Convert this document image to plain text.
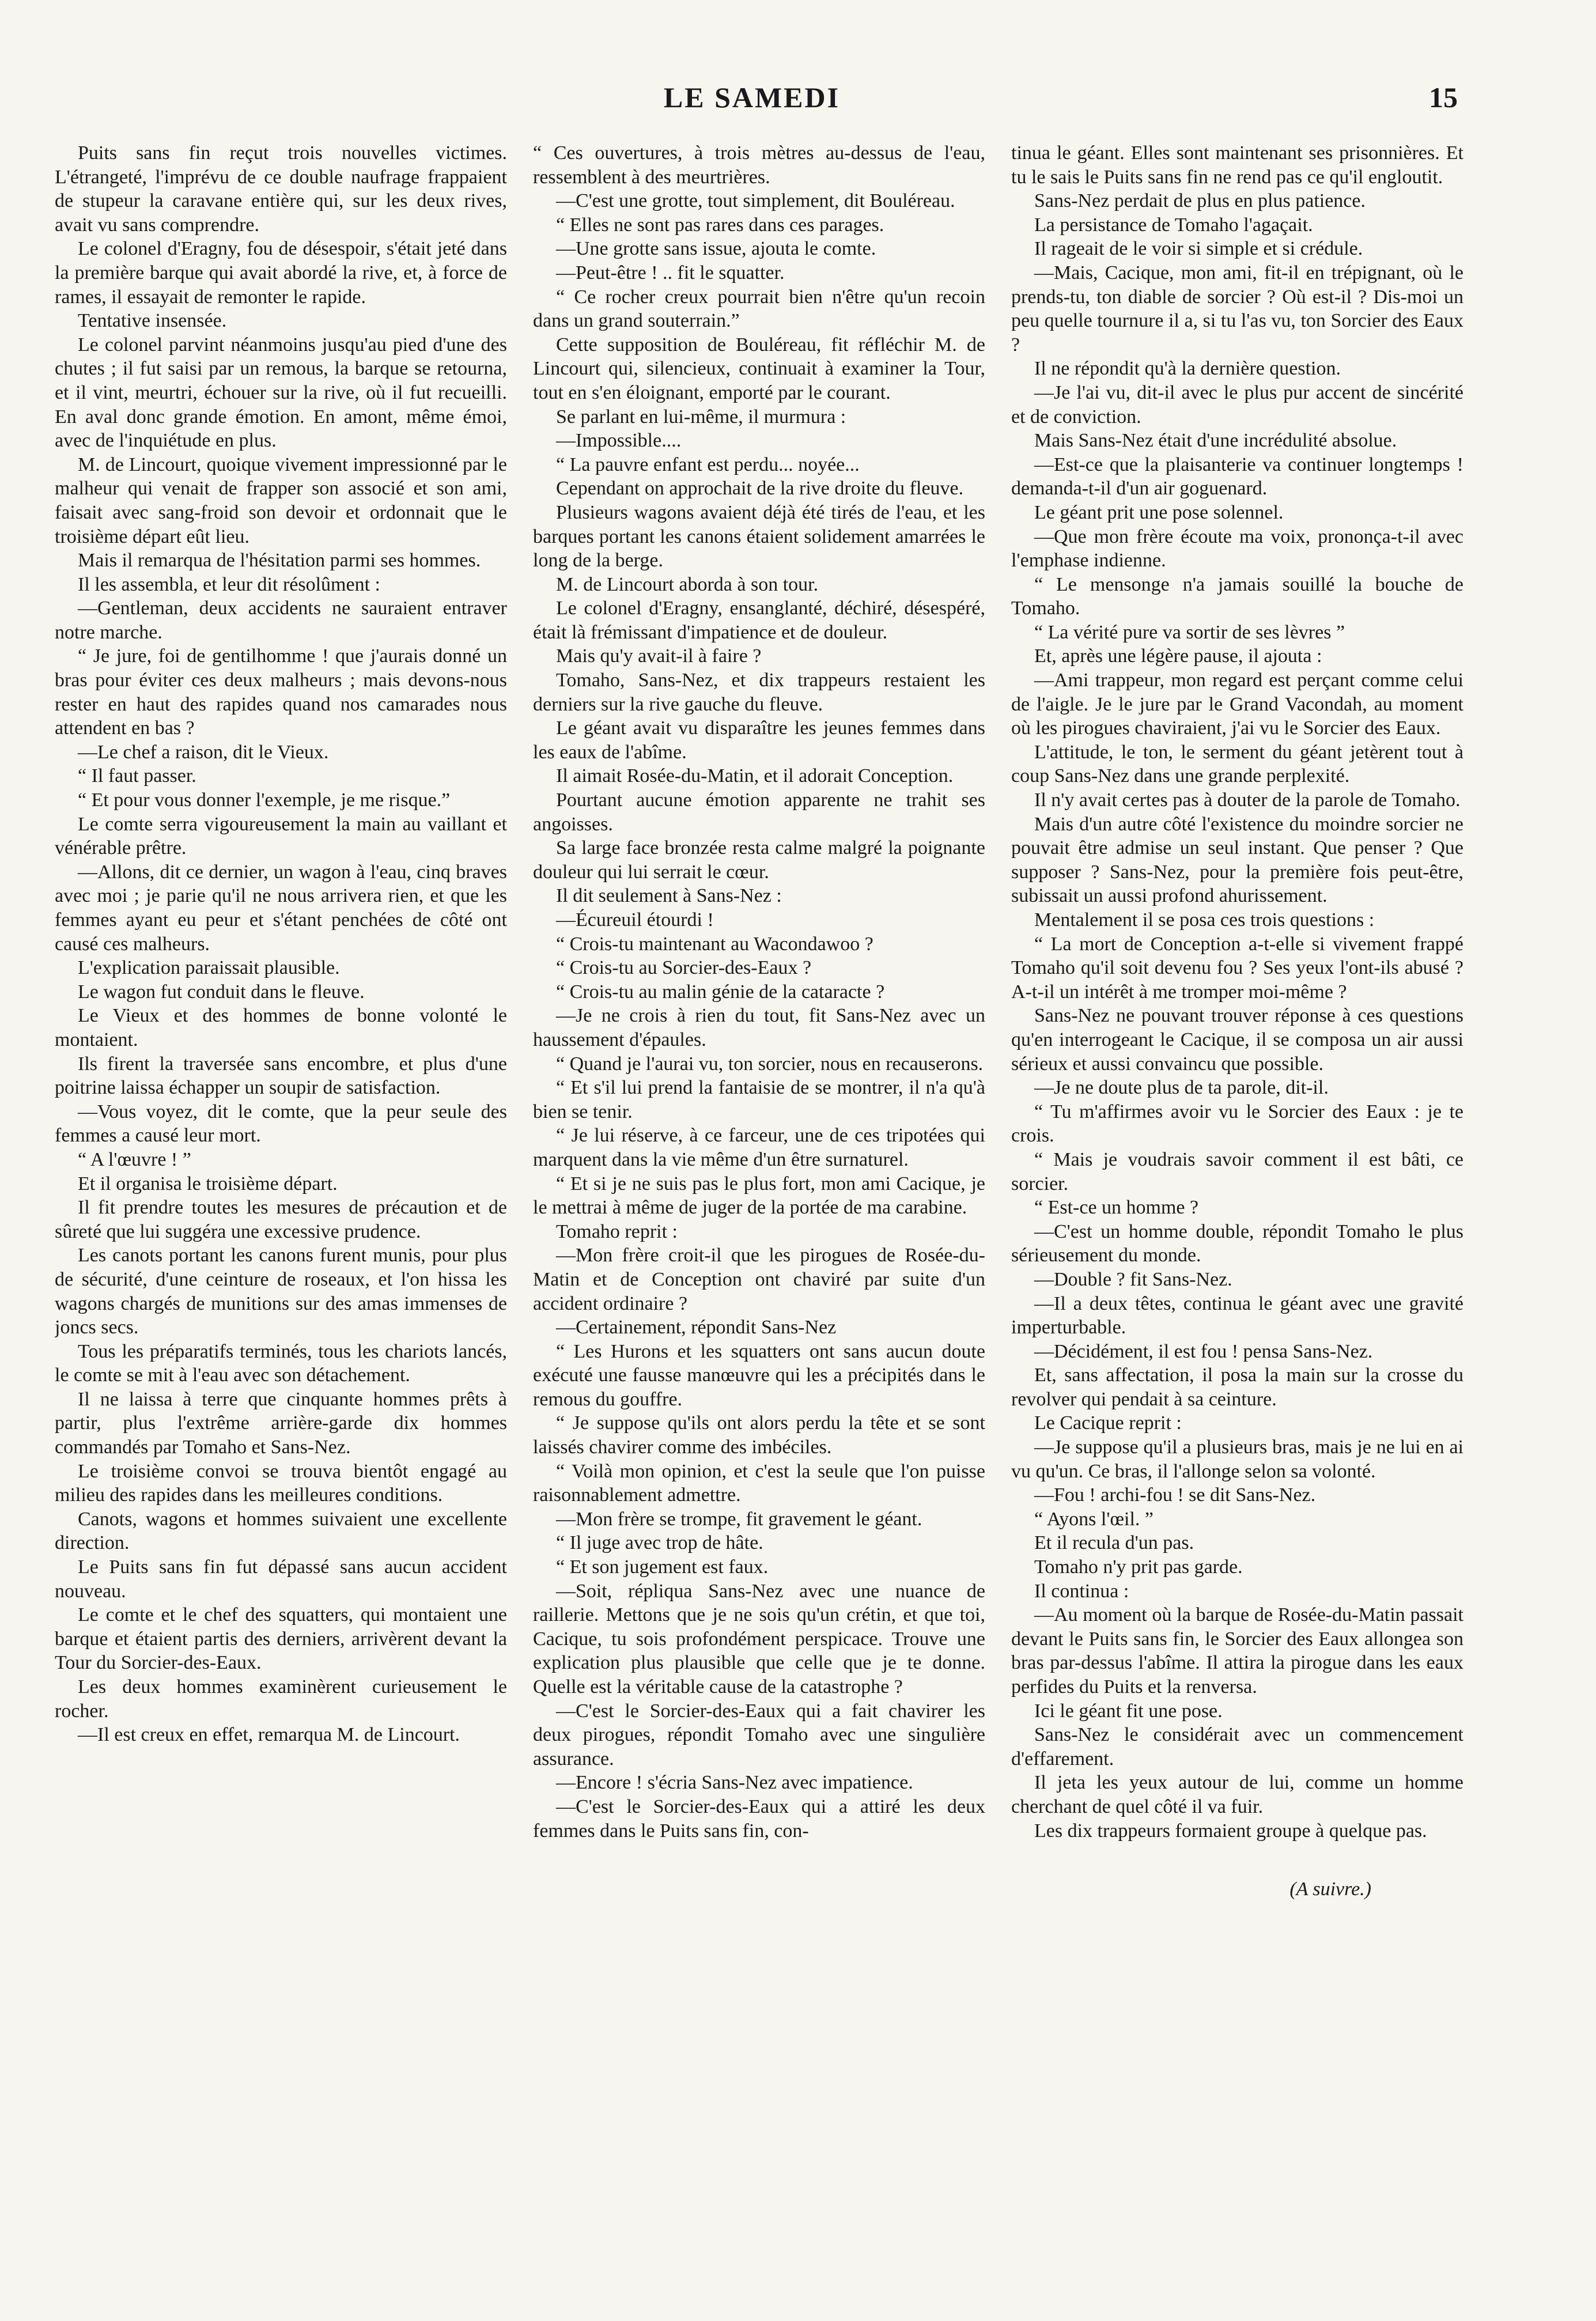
LE SAMEDI	15

Puits sans fin reçut trois nouvelles victimes. L'étrangeté, l'imprévu de ce double naufrage frappaient de stupeur la caravane entière qui, sur les deux rives, avait vu sans comprendre.

Le colonel d'Eragny, fou de désespoir, s'était jeté dans la première barque qui avait abordé la rive, et, à force de rames, il essayait de remonter le rapide.

Tentative insensée.

Le colonel parvint néanmoins jusqu'au pied d'une des chutes ; il fut saisi par un remous, la barque se retourna, et il vint, meurtri, échouer sur la rive, où il fut recueilli. En aval donc grande émotion. En amont, même émoi, avec de l'inquiétude en plus.

M. de Lincourt, quoique vivement impressionné par le malheur qui venait de frapper son associé et son ami, faisait avec sang-froid son devoir et ordonnait que le troisième départ eût lieu.

Mais il remarqua de l'hésitation parmi ses hommes.

Il les assembla, et leur dit résolûment :

—Gentleman, deux accidents ne sauraient entraver notre marche.

“ Je jure, foi de gentilhomme ! que j'aurais donné un bras pour éviter ces deux malheurs ; mais devons-nous rester en haut des rapides quand nos camarades nous attendent en bas ?

—Le chef a raison, dit le Vieux.

“ Il faut passer.

“ Et pour vous donner l'exemple, je me risque.”

Le comte serra vigoureusement la main au vaillant et vénérable prêtre.

—Allons, dit ce dernier, un wagon à l'eau, cinq braves avec moi ; je parie qu'il ne nous arrivera rien, et que les femmes ayant eu peur et s'étant penchées de côté ont causé ces malheurs.

L'explication paraissait plausible.

Le wagon fut conduit dans le fleuve.

Le Vieux et des hommes de bonne volonté le montaient.

Ils firent la traversée sans encombre, et plus d'une poitrine laissa échapper un soupir de satisfaction.

—Vous voyez, dit le comte, que la peur seule des femmes a causé leur mort.

“ A l'œuvre ! ”

Et il organisa le troisième départ.

Il fit prendre toutes les mesures de précaution et de sûreté que lui suggéra une excessive prudence.

Les canots portant les canons furent munis, pour plus de sécurité, d'une ceinture de roseaux, et l'on hissa les wagons chargés de munitions sur des amas immenses de joncs secs.

Tous les préparatifs terminés, tous les chariots lancés, le comte se mit à l'eau avec son détachement.

Il ne laissa à terre que cinquante hommes prêts à partir, plus l'extrême arrière-garde dix hommes commandés par Tomaho et Sans-Nez.

Le troisième convoi se trouva bientôt engagé au milieu des rapides dans les meilleures conditions.

Canots, wagons et hommes suivaient une excellente direction.

Le Puits sans fin fut dépassé sans aucun accident nouveau.

Le comte et le chef des squatters, qui montaient une barque et étaient partis des derniers, arrivèrent devant la Tour du Sorcier-des-Eaux.

Les deux hommes examinèrent curieusement le rocher.

—Il est creux en effet, remarqua M. de Lincourt.

“ Ces ouvertures, à trois mètres au-dessus de l'eau, ressemblent à des meurtrières.

—C'est une grotte, tout simplement, dit Bouléreau.

“ Elles ne sont pas rares dans ces parages.

—Une grotte sans issue, ajouta le comte.

—Peut-être ! .. fit le squatter.

“ Ce rocher creux pourrait bien n'être qu'un recoin dans un grand souterrain.”

Cette supposition de Bouléreau, fit réfléchir M. de Lincourt qui, silencieux, continuait à examiner la Tour, tout en s'en éloignant, emporté par le courant.

Se parlant en lui-même, il murmura :

—Impossible....

“ La pauvre enfant est perdu... noyée...

Cependant on approchait de la rive droite du fleuve.

Plusieurs wagons avaient déjà été tirés de l'eau, et les barques portant les canons étaient solidement amarrées le long de la berge.

M. de Lincourt aborda à son tour.

Le colonel d'Eragny, ensanglanté, déchiré, désespéré, était là frémissant d'impatience et de douleur.

Mais qu'y avait-il à faire ?

Tomaho, Sans-Nez, et dix trappeurs restaient les derniers sur la rive gauche du fleuve.

Le géant avait vu disparaître les jeunes femmes dans les eaux de l'abîme.

Il aimait Rosée-du-Matin, et il adorait Conception.

Pourtant aucune émotion apparente ne trahit ses angoisses.

Sa large face bronzée resta calme malgré la poignante douleur qui lui serrait le cœur.

Il dit seulement à Sans-Nez :

—Écureuil étourdi !

“ Crois-tu maintenant au Wacondawoo ?

“ Crois-tu au Sorcier-des-Eaux ?

“ Crois-tu au malin génie de la cataracte ?

—Je ne crois à rien du tout, fit Sans-Nez avec un haussement d'épaules.

“ Quand je l'aurai vu, ton sorcier, nous en recauserons.

“ Et s'il lui prend la fantaisie de se montrer, il n'a qu'à bien se tenir.

“ Je lui réserve, à ce farceur, une de ces tripotées qui marquent dans la vie même d'un être surnaturel.

“ Et si je ne suis pas le plus fort, mon ami Cacique, je le mettrai à même de juger de la portée de ma carabine.

Tomaho reprit :

—Mon frère croit-il que les pirogues de Rosée-du-Matin et de Conception ont chaviré par suite d'un accident ordinaire ?

—Certainement, répondit Sans-Nez

“ Les Hurons et les squatters ont sans aucun doute exécuté une fausse manœuvre qui les a précipités dans le remous du gouffre.

“ Je suppose qu'ils ont alors perdu la tête et se sont laissés chavirer comme des imbéciles.

“ Voilà mon opinion, et c'est la seule que l'on puisse raisonnablement admettre.

—Mon frère se trompe, fit gravement le géant.

“ Il juge avec trop de hâte.

“ Et son jugement est faux.

—Soit, répliqua Sans-Nez avec une nuance de raillerie. Mettons que je ne sois qu'un crétin, et que toi, Cacique, tu sois profondément perspicace. Trouve une explication plus plausible que celle que je te donne. Quelle est la véritable cause de la catastrophe ?

—C'est le Sorcier-des-Eaux qui a fait chavirer les deux pirogues, répondit Tomaho avec une singulière assurance.

—Encore ! s'écria Sans-Nez avec impatience.

—C'est le Sorcier-des-Eaux qui a attiré les deux femmes dans le Puits sans fin, con-

tinua le géant. Elles sont maintenant ses prisonnières. Et tu le sais le Puits sans fin ne rend pas ce qu'il engloutit.

Sans-Nez perdait de plus en plus patience.

La persistance de Tomaho l'agaçait.

Il rageait de le voir si simple et si crédule.

—Mais, Cacique, mon ami, fit-il en trépignant, où le prends-tu, ton diable de sorcier ? Où est-il ? Dis-moi un peu quelle tournure il a, si tu l'as vu, ton Sorcier des Eaux ?

Il ne répondit qu'à la dernière question.

—Je l'ai vu, dit-il avec le plus pur accent de sincérité et de conviction.

Mais Sans-Nez était d'une incrédulité absolue.

—Est-ce que la plaisanterie va continuer longtemps ! demanda-t-il d'un air goguenard.

Le géant prit une pose solennel.

—Que mon frère écoute ma voix, prononça-t-il avec l'emphase indienne.

“ Le mensonge n'a jamais souillé la bouche de Tomaho.

“ La vérité pure va sortir de ses lèvres ”

Et, après une légère pause, il ajouta :

—Ami trappeur, mon regard est perçant comme celui de l'aigle. Je le jure par le Grand Vacondah, au moment où les pirogues chaviraient, j'ai vu le Sorcier des Eaux.

L'attitude, le ton, le serment du géant jetèrent tout à coup Sans-Nez dans une grande perplexité.

Il n'y avait certes pas à douter de la parole de Tomaho.

Mais d'un autre côté l'existence du moindre sorcier ne pouvait être admise un seul instant. Que penser ? Que supposer ? Sans-Nez, pour la première fois peut-être, subissait un aussi profond ahurissement.

Mentalement il se posa ces trois questions :

“ La mort de Conception a-t-elle si vivement frappé Tomaho qu'il soit devenu fou ? Ses yeux l'ont-ils abusé ? A-t-il un intérêt à me tromper moi-même ?

Sans-Nez ne pouvant trouver réponse à ces questions qu'en interrogeant le Cacique, il se composa un air aussi sérieux et aussi convaincu que possible.

—Je ne doute plus de ta parole, dit-il.

“ Tu m'affirmes avoir vu le Sorcier des Eaux : je te crois.

“ Mais je voudrais savoir comment il est bâti, ce sorcier.

“ Est-ce un homme ?

—C'est un homme double, répondit Tomaho le plus sérieusement du monde.

—Double ? fit Sans-Nez.

—Il a deux têtes, continua le géant avec une gravité imperturbable.

—Décidément, il est fou ! pensa Sans-Nez.

Et, sans affectation, il posa la main sur la crosse du revolver qui pendait à sa ceinture.

Le Cacique reprit :

—Je suppose qu'il a plusieurs bras, mais je ne lui en ai vu qu'un. Ce bras, il l'allonge selon sa volonté.

—Fou ! archi-fou ! se dit Sans-Nez.

“ Ayons l'œil. ”

Et il recula d'un pas.

Tomaho n'y prit pas garde.

Il continua :

—Au moment où la barque de Rosée-du-Matin passait devant le Puits sans fin, le Sorcier des Eaux allongea son bras par-dessus l'abîme. Il attira la pirogue dans les eaux perfides du Puits et la renversa.

Ici le géant fit une pose.

Sans-Nez le considérait avec un commencement d'effarement.

Il jeta les yeux autour de lui, comme un homme cherchant de quel côté il va fuir.

Les dix trappeurs formaient groupe à quelque pas.

(A suivre.)
